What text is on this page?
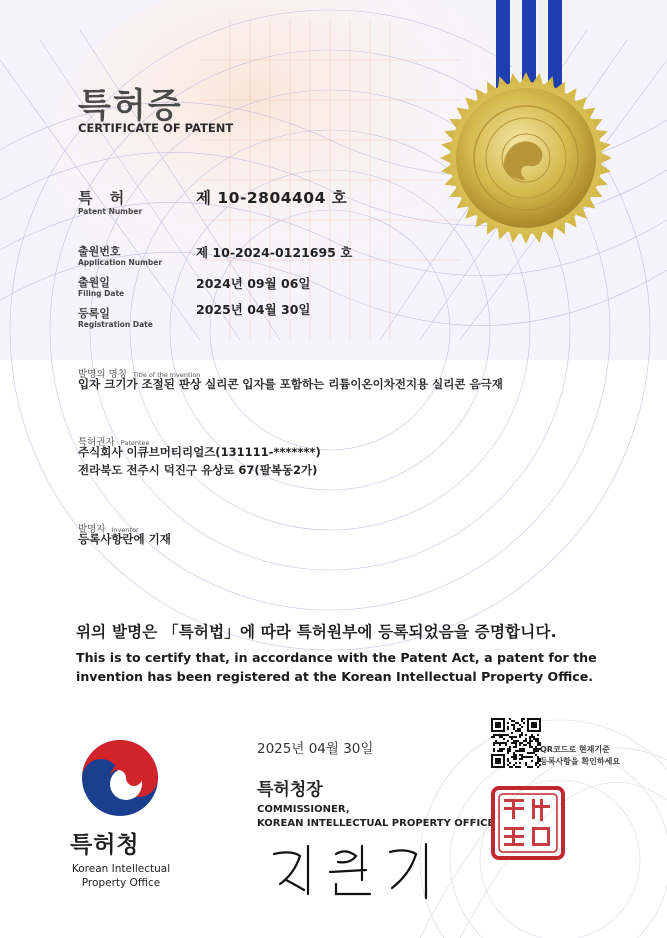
특허증
CERTIFICATE OF PATENT
특 허
Patent Number
제 10-2804404 호
출원번호
Application Number
제 10-2024-0121695 호
출원일
Filing Date
2024년 09월 06일
등록일
Registration Date
2025년 04월 30일
발명의 명칭 Title of the Invention
입자 크기가 조절된 판상 실리콘 입자를 포함하는 리튬이온이차전지용 실리콘 음극재
특허권자 Patentee
주식회사 이큐브머티리얼즈(131111-*******)
전라북도 전주시 덕진구 유상로 67(팔복동2가)
발명자 Inventor
등록사항란에 기재
위의 발명은 「특허법」에 따라 특허원부에 등록되었음을 증명합니다.
This is to certify that, in accordance with the Patent Act, a patent for the invention has been registered at the Korean Intellectual Property Office.
2025년 04월 30일
특허청장
COMMISSIONER,
KOREAN INTELLECTUAL PROPERTY OFFICE
QR코드로 현재기준
등록사항을 확인하세요
특허청
Korean Intellectual
Property Office
